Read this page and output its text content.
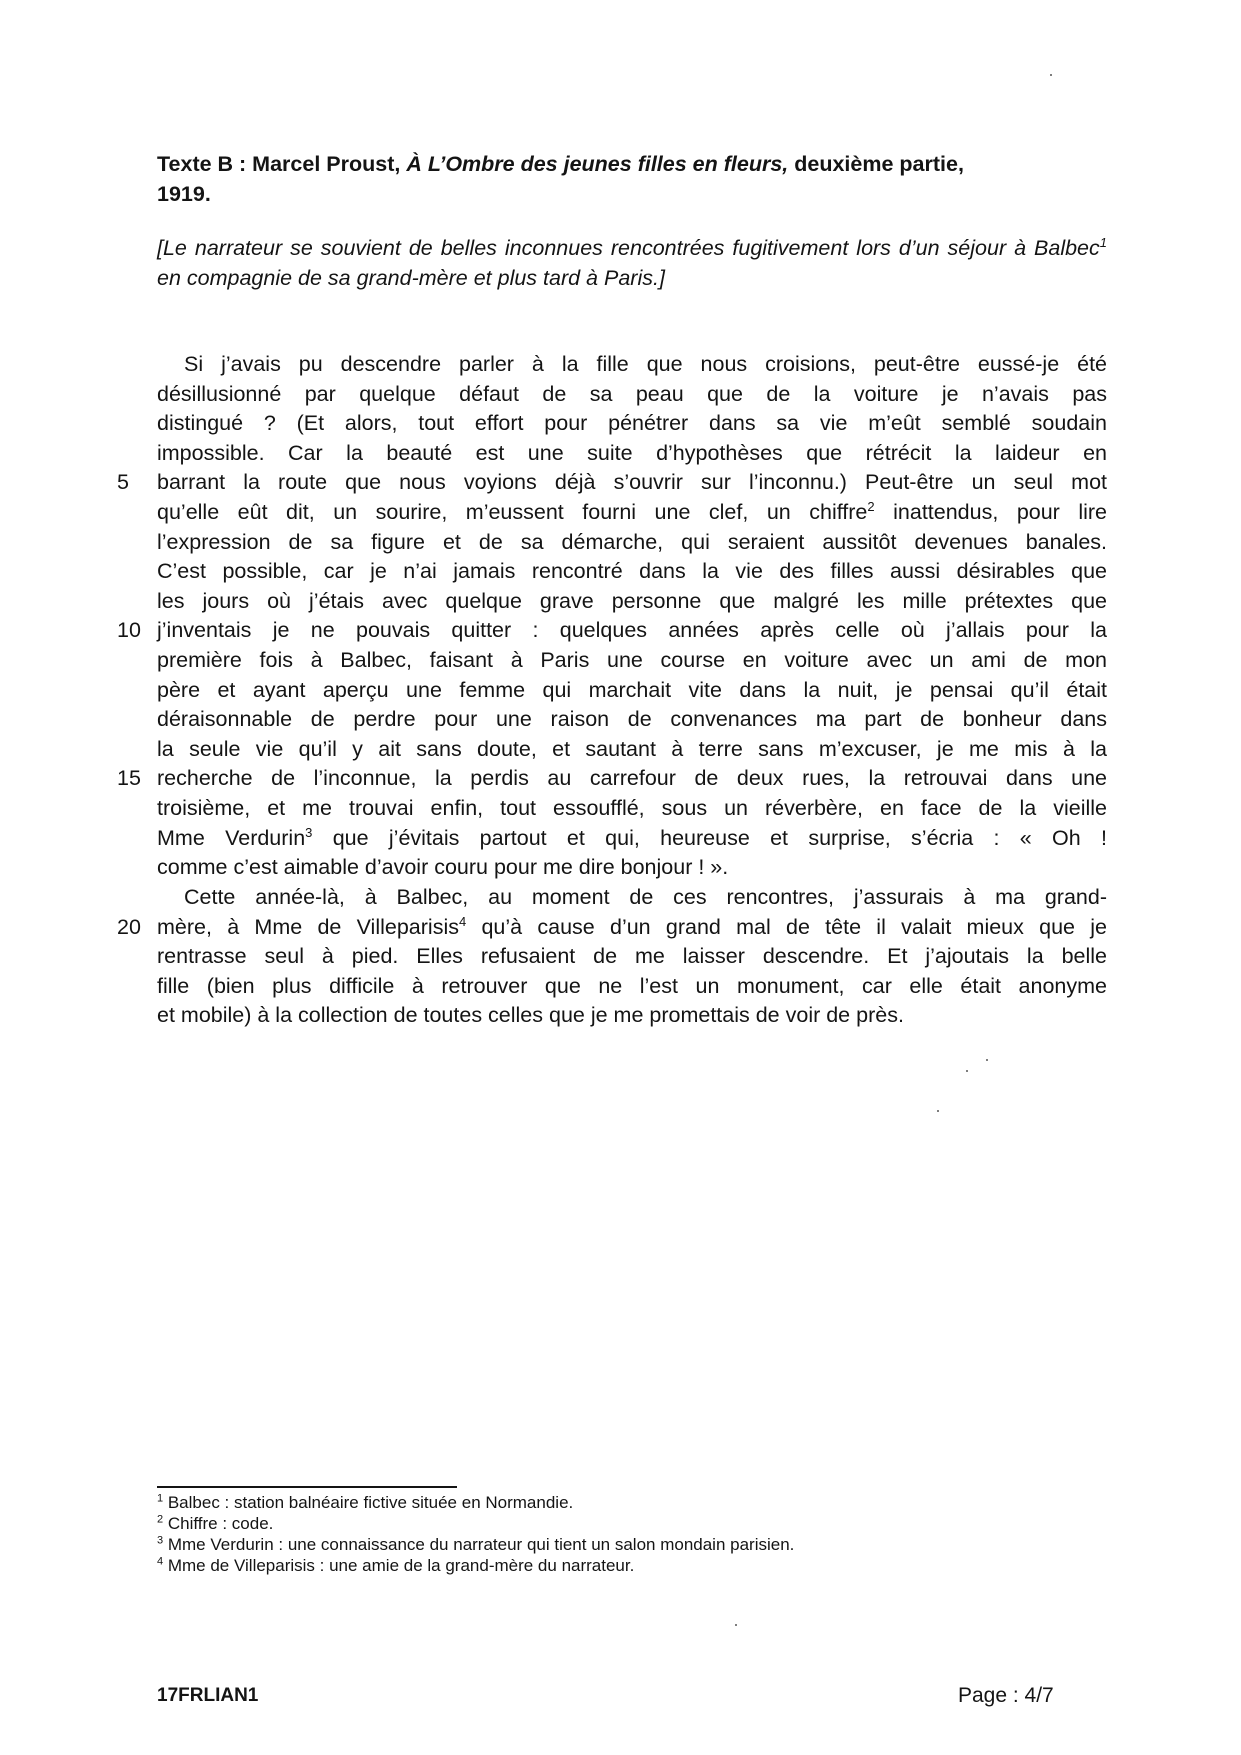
Texte B : Marcel Proust, À L’Ombre des jeunes filles en fleurs, deuxième partie,
1919.
[Le narrateur se souvient de belles inconnues rencontrées fugitivement lors d’un séjour à Balbec$^1$ en compagnie de sa grand-mère et plus tard à Paris.]
Si j’avais pu descendre parler à la fille que nous croisions, peut-être eussé-je été
désillusionné par quelque défaut de sa peau que de la voiture je n’avais pas
distingué ? (Et alors, tout effort pour pénétrer dans sa vie m’eût semblé soudain
impossible. Car la beauté est une suite d’hypothèses que rétrécit la laideur en
5	barrant la route que nous voyions déjà s’ouvrir sur l’inconnu.) Peut-être un seul mot
qu’elle eût dit, un sourire, m’eussent fourni une clef, un chiffre$^2$ inattendus, pour lire
l’expression de sa figure et de sa démarche, qui seraient aussitôt devenues banales.
C’est possible, car je n’ai jamais rencontré dans la vie des filles aussi désirables que
les jours où j’étais avec quelque grave personne que malgré les mille prétextes que
10 j’inventais je ne pouvais quitter : quelques années après celle où j’allais pour la
première fois à Balbec, faisant à Paris une course en voiture avec un ami de mon
père et ayant aperçu une femme qui marchait vite dans la nuit, je pensai qu’il était
déraisonnable de perdre pour une raison de convenances ma part de bonheur dans
la seule vie qu’il y ait sans doute, et sautant à terre sans m’excuser, je me mis à la
15 recherche de l’inconnue, la perdis au carrefour de deux rues, la retrouvai dans une
troisième, et me trouvai enfin, tout essoufflé, sous un réverbère, en face de la vieille
Mme Verdurin$^3$ que j’évitais partout et qui, heureuse et surprise, s’écria : « Oh !
comme c’est aimable d’avoir couru pour me dire bonjour ! ».
Cette année-là, à Balbec, au moment de ces rencontres, j’assurais à ma grand-
20 mère, à Mme de Villeparisis$^4$ qu’à cause d’un grand mal de tête il valait mieux que je
rentrasse seul à pied. Elles refusaient de me laisser descendre. Et j’ajoutais la belle
fille (bien plus difficile à retrouver que ne l’est un monument, car elle était anonyme
et mobile) à la collection de toutes celles que je me promettais de voir de près.
$^1$ Balbec : station balnéaire fictive située en Normandie.
$^2$ Chiffre : code.
$^3$ Mme Verdurin : une connaissance du narrateur qui tient un salon mondain parisien.
$^4$ Mme de Villeparisis : une amie de la grand-mère du narrateur.
17FRLIAN1	Page : 4/7
